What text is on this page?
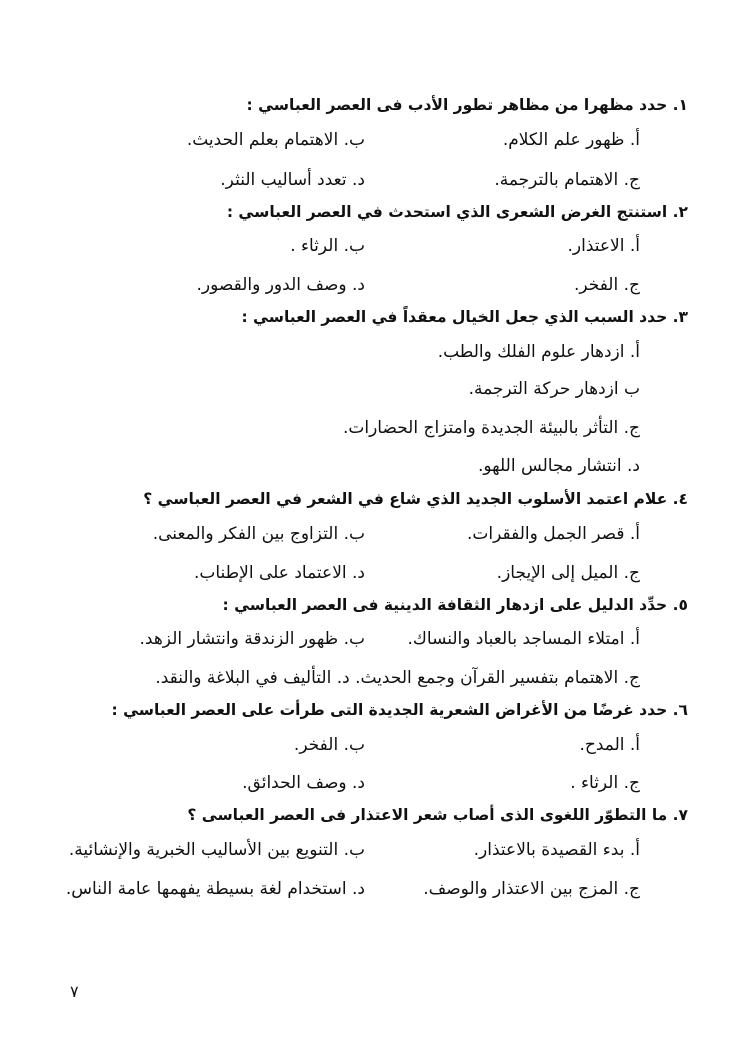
١. حدد مظهرا من مظاهر تطور الأدب فى العصر العباسي :
أ. ظهور علم الكلام.
ب. الاهتمام بعلم الحديث.
ج. الاهتمام بالترجمة.
د. تعدد أساليب النثر.
٢. استنتج الغرض الشعرى الذي استحدث في العصر العباسي :
أ. الاعتذار.
ب. الرثاء .
ج. الفخر.
د. وصف الدور والقصور.
٣. حدد السبب الذي جعل الخيال معقداً في العصر العباسي :
أ. ازدهار علوم الفلك والطب.
ب ازدهار حركة الترجمة.
ج. التأثر بالبيئة الجديدة وامتزاج الحضارات.
د. انتشار مجالس اللهو.
٤. علام اعتمد الأسلوب الجديد الذي شاع في الشعر في العصر العباسي ؟
أ. قصر الجمل والفقرات.
ب. التزاوج بين الفكر والمعنى.
ج. الميل إلى الإيجاز.
د. الاعتماد على الإطناب.
٥. حدِّد الدليل على ازدهار الثقافة الدينية فى العصر العباسي :
أ. امتلاء المساجد بالعباد والنساك.
ب. ظهور الزندقة وانتشار الزهد.
ج. الاهتمام بتفسير القرآن وجمع الحديث. د. التأليف في البلاغة والنقد.
٦. حدد غرضًا من الأغراض الشعرية الجديدة التى طرأت على العصر العباسي :
أ. المدح.
ب. الفخر.
ج. الرثاء .
د. وصف الحدائق.
٧. ما التطوّر اللغوى الذى أصاب شعر الاعتذار فى العصر العباسى ؟
أ. بدء القصيدة بالاعتذار.
ب. التنويع بين الأساليب الخبرية والإنشائية.
ج. المزج بين الاعتذار والوصف.
د. استخدام لغة بسيطة يفهمها عامة الناس.
٧
